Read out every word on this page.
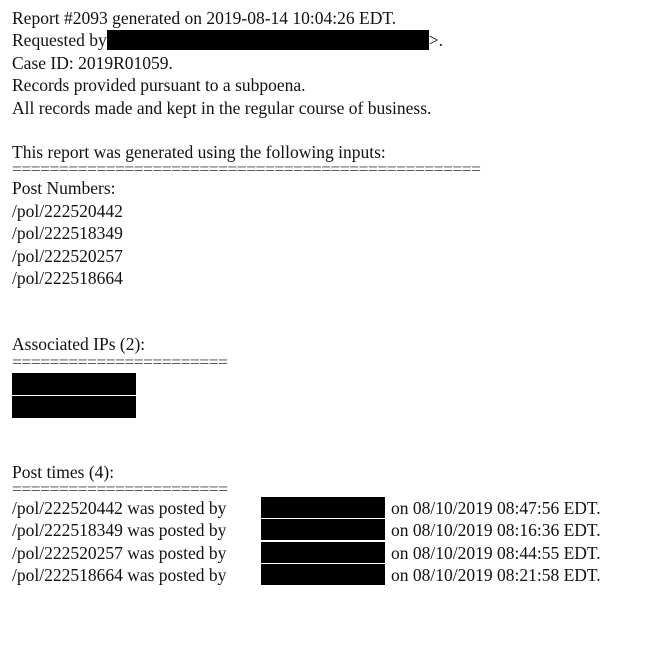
Report #2093 generated on 2019-08-14 10:04:26 EDT.
Requested by	>.
Case ID: 2019R01059.
Records provided pursuant to a subpoena.
All records made and kept in the regular course of business.
This report was generated using the following inputs:
==================================================
Post Numbers:
/pol/222520442
/pol/222518349
/pol/222520257
/pol/222518664
Associated IPs (2):
=======================
Post times (4):
=======================
/pol/222520442 was posted by	on 08/10/2019 08:47:56 EDT.
/pol/222518349 was posted by	on 08/10/2019 08:16:36 EDT.
/pol/222520257 was posted by	on 08/10/2019 08:44:55 EDT.
/pol/222518664 was posted by	on 08/10/2019 08:21:58 EDT.
